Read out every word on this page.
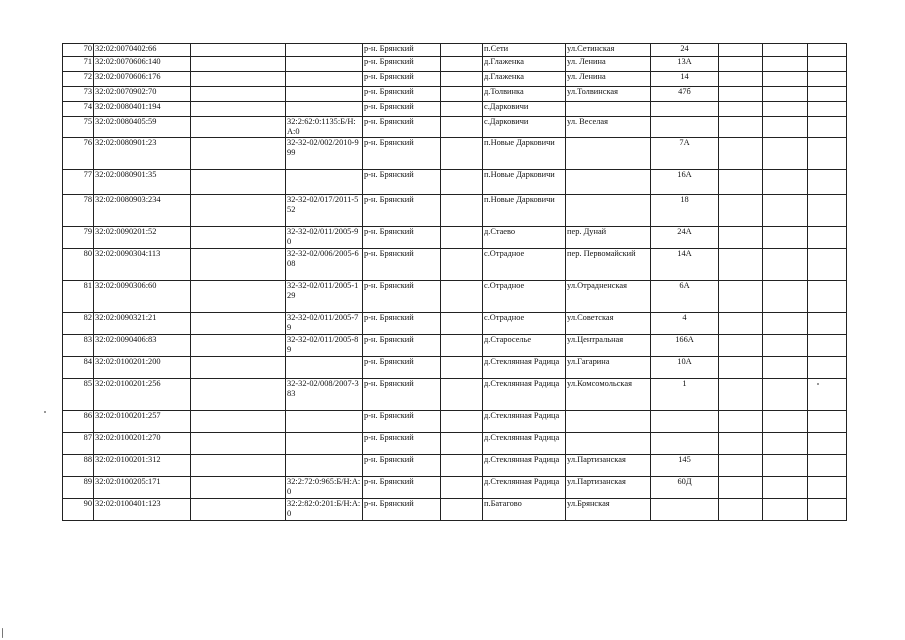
70	32:02:0070402:66			р-н. Брянский		п.Сети	ул.Сетинская	24			
71	32:02:0070606:140			р-н. Брянский		д.Глаженка	ул. Ленина	13А			
72	32:02:0070606:176			р-н. Брянский		д.Глаженка	ул. Ленина	14			
73	32:02:0070902:70			р-н. Брянский		д.Толвинка	ул.Толвинская	47б			
74	32:02:0080401:194			р-н. Брянский		с.Дарковичи					
75	32:02:0080405:59		32:2:62:0:1135:Б/Н:А:0	р-н. Брянский		с.Дарковичи	ул. Веселая				
76	32:02:0080901:23		32-32-02/002/2010-999	р-н. Брянский		п.Новые Дарковичи		7А			
77	32:02:0080901:35			р-н. Брянский		п.Новые Дарковичи		16А			
78	32:02:0080903:234		32-32-02/017/2011-552	р-н. Брянский		п.Новые Дарковичи		18			
79	32:02:0090201:52		32-32-02/011/2005-90	р-н. Брянский		д.Стаево	пер. Дунай	24А			
80	32:02:0090304:113		32-32-02/006/2005-608	р-н. Брянский		с.Отрадное	пер. Первомайский	14А			
81	32:02:0090306:60		32-32-02/011/2005-129	р-н. Брянский		с.Отрадное	ул.Отрадненская	6А			
82	32:02:0090321:21		32-32-02/011/2005-79	р-н. Брянский		с.Отрадное	ул.Советская	4			
83	32:02:0090406:83		32-32-02/011/2005-89	р-н. Брянский		д.Староселье	ул.Центральная	166А			
84	32:02:0100201:200			р-н. Брянский		д.Стеклянная Радица	ул.Гагарина	10А			
85	32:02:0100201:256		32-32-02/008/2007-383	р-н. Брянский		д.Стеклянная Радица	ул.Комсомольская	1			
86	32:02:0100201:257			р-н. Брянский		д.Стеклянная Радица					
87	32:02:0100201:270			р-н. Брянский		д.Стеклянная Радица					
88	32:02:0100201:312			р-н. Брянский		д.Стеклянная Радица	ул.Партизанская	145			
89	32:02:0100205:171		32:2:72:0:965:Б/Н:А:0	р-н. Брянский		д.Стеклянная Радица	ул.Партизанская	60Д			
90	32:02:0100401:123		32:2:82:0:201:Б/Н:А:0	р-н. Брянский		п.Батагово	ул.Брянская				
